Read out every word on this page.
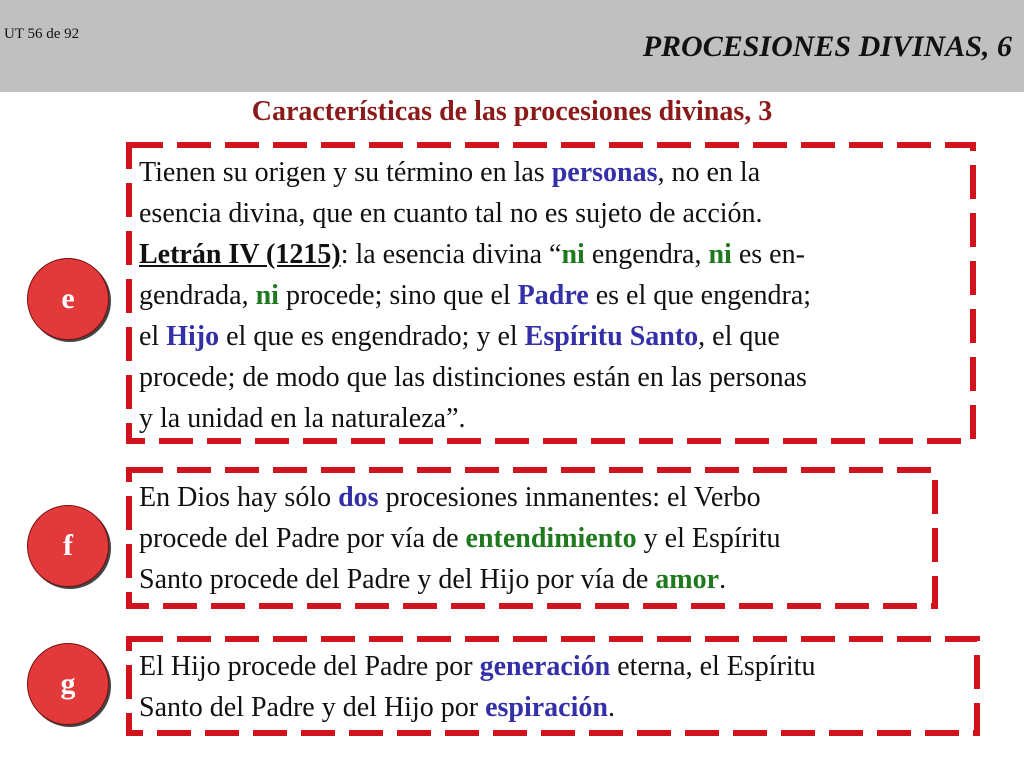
UT 56 de 92	PROCESIONES DIVINAS, 6
Características de las procesiones divinas, 3
Tienen su origen y su término en las personas, no en la
esencia divina, que en cuanto tal no es sujeto de acción.
Letrán IV (1215): la esencia divina “ni engendra, ni es en-
gendrada, ni procede; sino que el Padre es el que engendra;
el Hijo el que es engendrado; y el Espíritu Santo, el que
procede; de modo que las distinciones están en las personas
y la unidad en la naturaleza”.
e
En Dios hay sólo dos procesiones inmanentes: el Verbo
procede del Padre por vía de entendimiento y el Espíritu
Santo procede del Padre y del Hijo por vía de amor.
f
El Hijo procede del Padre por generación eterna, el Espíritu
Santo del Padre y del Hijo por espiración.
g
